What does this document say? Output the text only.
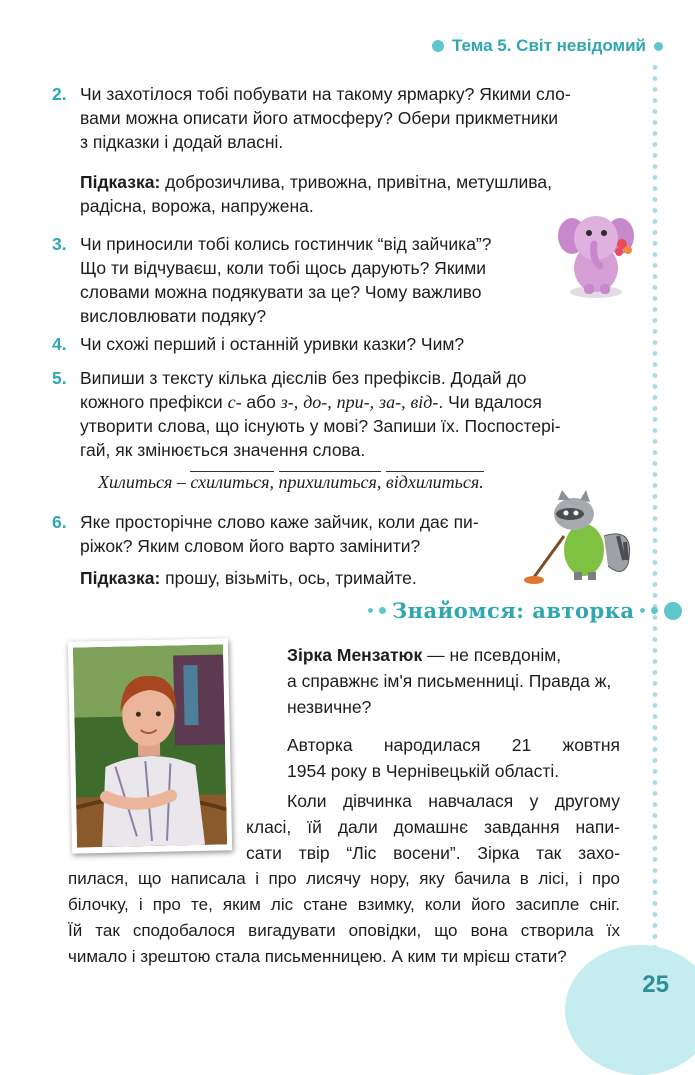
Тема 5. Світ невідомий
2. Чи захотілося тобі побувати на такому ярмарку? Якими сло-
вами можна описати його атмосферу? Обери прикметники
з підказки і додай власні.
Підказка: доброзичлива, тривожна, привітна, метушлива,
радісна, ворожа, напружена.
3. Чи приносили тобі колись гостинчик “від зайчика”?
Що ти відчуваєш, коли тобі щось дарують? Якими
словами можна подякувати за це? Чому важливо
висловлювати подяку?
4. Чи схожі перший і останній уривки казки? Чим?
5. Випиши з тексту кілька дієслів без префіксів. Додай до
кожного префікси с- або з-, до-, при-, за-, від-. Чи вдалося
утворити слова, що існують у мові? Запиши їх. Поспостері-
гай, як змінюється значення слова.
Хилиться – схилиться, прихилиться, відхилиться.
6. Яке просторічне слово каже зайчик, коли дає пи-
ріжок? Яким словом його варто замінити?
Підказка: прошу, візьміть, ось, тримайте.
Знайомся: авторка

Зірка Мензатюк — не псевдонім,

а справжнє ім'я письменниці. Правда ж,

незвичне?

Авторка народилася 21 жовтня

1954 року в Чернівецькій області.

Коли дівчинка навчалася у другому

класі, їй дали домашнє завдання напи-

сати твір “Ліс восени”. Зірка так захо-

пилася, що написала і про лисячу нору, яку бачила в лісі, і про

білочку, і про те, яким ліс стане взимку, коли його засипле сніг.

Їй так сподобалося вигадувати оповідки, що вона створила їх

чимало і зрештою стала письменницею. А ким ти мрієш стати?

25
